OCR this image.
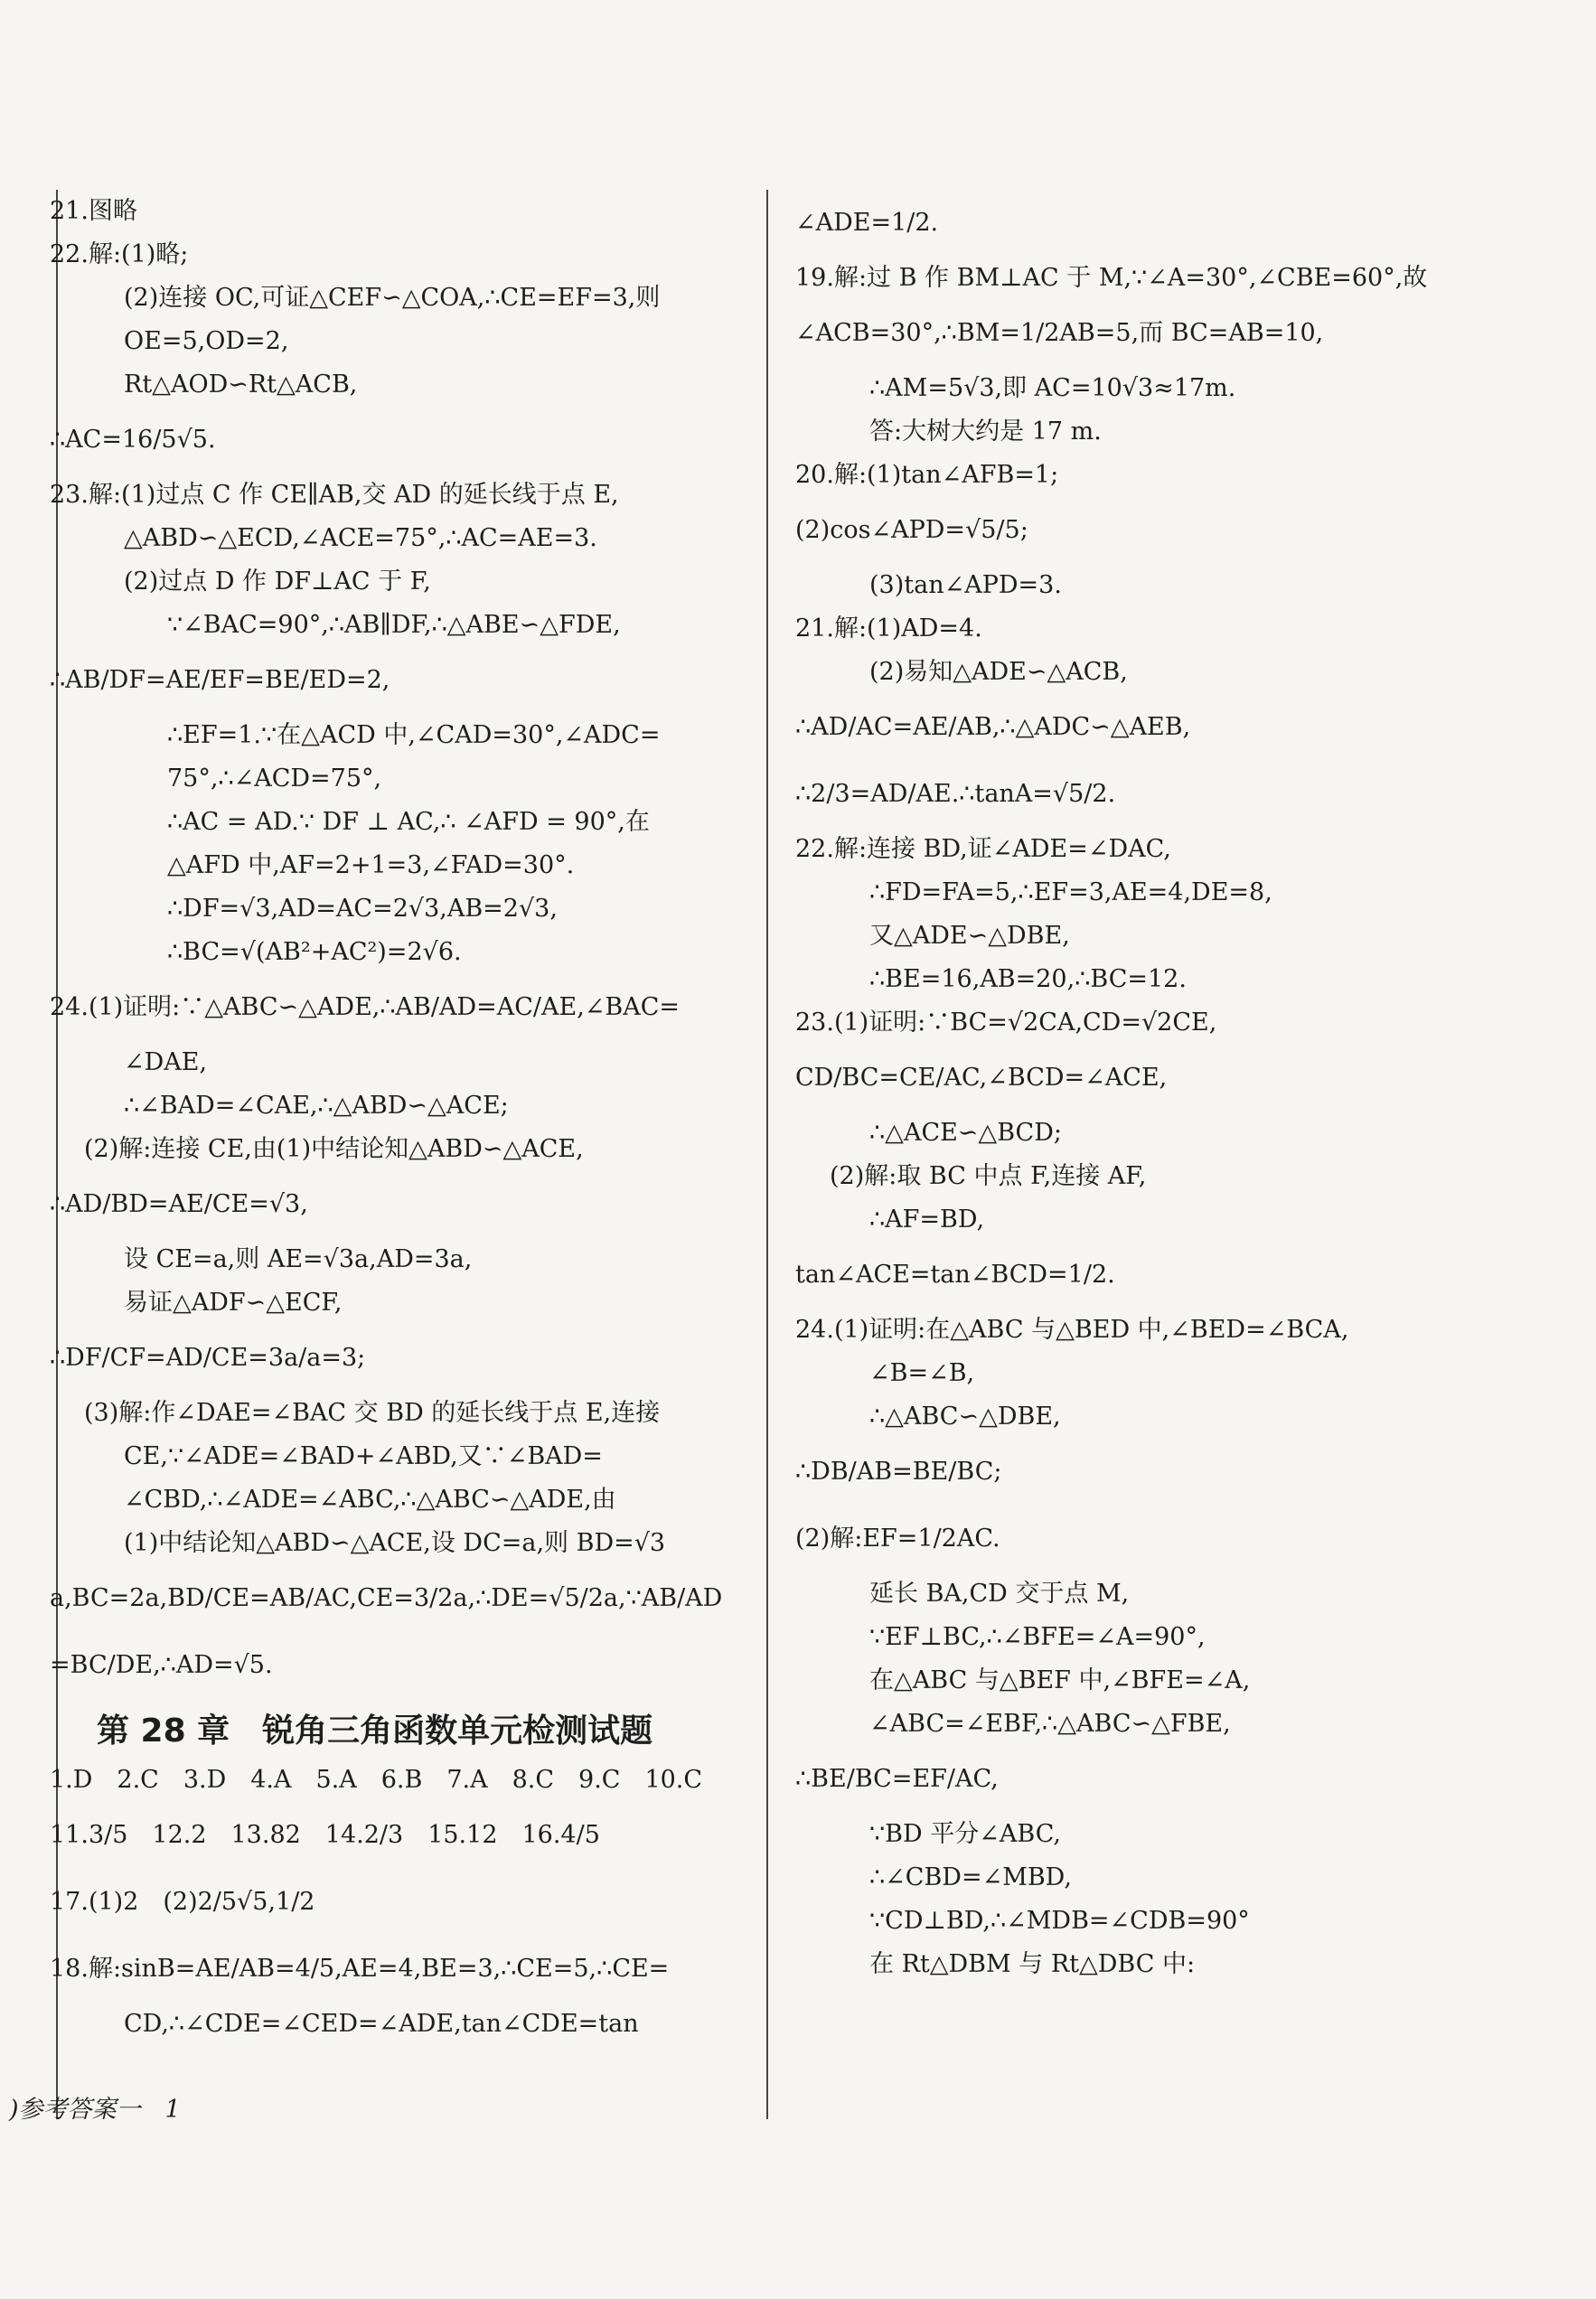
21.图略
22.解:(1)略;
(2)连接 OC,可证△CEF∽△COA,∴CE=EF=3,则
OE=5,OD=2,
Rt△AOD∽Rt△ACB,
∴AC=16/5√5.
23.解:(1)过点 C 作 CE∥AB,交 AD 的延长线于点 E,
△ABD∽△ECD,∠ACE=75°,∴AC=AE=3.
(2)过点 D 作 DF⊥AC 于 F,
∵∠BAC=90°,∴AB∥DF,∴△ABE∽△FDE,
∴AB/DF=AE/EF=BE/ED=2,
∴EF=1.∵在△ACD 中,∠CAD=30°,∠ADC=
75°,∴∠ACD=75°,
∴AC = AD.∵ DF ⊥ AC,∴ ∠AFD = 90°,在
△AFD 中,AF=2+1=3,∠FAD=30°.
∴DF=√3,AD=AC=2√3,AB=2√3,
∴BC=√(AB²+AC²)=2√6.
24.(1)证明:∵△ABC∽△ADE,∴AB/AD=AC/AE,∠BAC=
∠DAE,
∴∠BAD=∠CAE,∴△ABD∽△ACE;
(2)解:连接 CE,由(1)中结论知△ABD∽△ACE,
∴AD/BD=AE/CE=√3,
设 CE=a,则 AE=√3a,AD=3a,
易证△ADF∽△ECF,
∴DF/CF=AD/CE=3a/a=3;
(3)解:作∠DAE=∠BAC 交 BD 的延长线于点 E,连接
CE,∵∠ADE=∠BAD+∠ABD,又∵∠BAD=
∠CBD,∴∠ADE=∠ABC,∴△ABC∽△ADE,由
(1)中结论知△ABD∽△ACE,设 DC=a,则 BD=√3
a,BC=2a,BD/CE=AB/AC,CE=3/2a,∴DE=√5/2a,∵AB/AD
=BC/DE,∴AD=√5.
第 28 章　锐角三角函数单元检测试题
1.D　2.C　3.D　4.A　5.A　6.B　7.A　8.C　9.C　10.C
11.3/5　12.2　13.82　14.2/3　15.12　16.4/5
17.(1)2　(2)2/5√5,1/2
18.解:sinB=AE/AB=4/5,AE=4,BE=3,∴CE=5,∴CE=
CD,∴∠CDE=∠CED=∠ADE,tan∠CDE=tan
∠ADE=1/2.
19.解:过 B 作 BM⊥AC 于 M,∵∠A=30°,∠CBE=60°,故
∠ACB=30°,∴BM=1/2AB=5,而 BC=AB=10,
∴AM=5√3,即 AC=10√3≈17m.
答:大树大约是 17 m.
20.解:(1)tan∠AFB=1;
(2)cos∠APD=√5/5;
(3)tan∠APD=3.
21.解:(1)AD=4.
(2)易知△ADE∽△ACB,
∴AD/AC=AE/AB,∴△ADC∽△AEB,
∴2/3=AD/AE.∴tanA=√5/2.
22.解:连接 BD,证∠ADE=∠DAC,
∴FD=FA=5,∴EF=3,AE=4,DE=8,
又△ADE∽△DBE,
∴BE=16,AB=20,∴BC=12.
23.(1)证明:∵BC=√2CA,CD=√2CE,
CD/BC=CE/AC,∠BCD=∠ACE,
∴△ACE∽△BCD;
(2)解:取 BC 中点 F,连接 AF,
∴AF=BD,
tan∠ACE=tan∠BCD=1/2.
24.(1)证明:在△ABC 与△BED 中,∠BED=∠BCA,
∠B=∠B,
∴△ABC∽△DBE,
∴DB/AB=BE/BC;
(2)解:EF=1/2AC.
延长 BA,CD 交于点 M,
∵EF⊥BC,∴∠BFE=∠A=90°,
在△ABC 与△BEF 中,∠BFE=∠A,
∠ABC=∠EBF,∴△ABC∽△FBE,
∴BE/BC=EF/AC,
∵BD 平分∠ABC,
∴∠CBD=∠MBD,
∵CD⊥BD,∴∠MDB=∠CDB=90°
在 Rt△DBM 与 Rt△DBC 中:
)参考答案一　1
